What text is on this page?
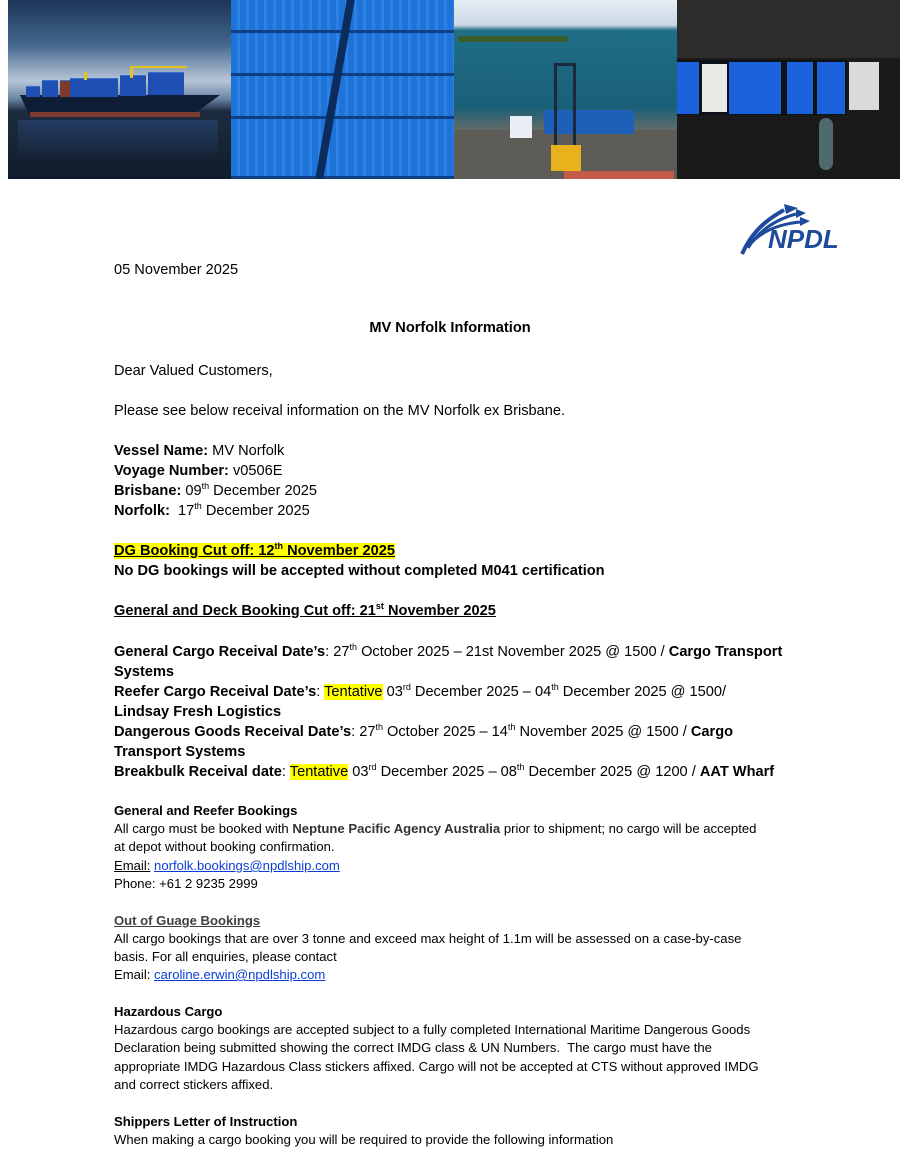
NPDL
05 November 2025
MV Norfolk Information
Dear Valued Customers,
Please see below receival information on the MV Norfolk ex Brisbane.
Vessel Name: MV Norfolk
Voyage Number: v0506E
Brisbane: 09th December 2025
Norfolk:  17th December 2025
DG Booking Cut off: 12th November 2025
No DG bookings will be accepted without completed M041 certification
General and Deck Booking Cut off: 21st November 2025
General Cargo Receival Date’s: 27th October 2025 – 21st November 2025 @ 1500 / Cargo Transport
Systems
Reefer Cargo Receival Date’s: Tentative 03rd December 2025 – 04th December 2025 @ 1500/
Lindsay Fresh Logistics
Dangerous Goods Receival Date’s: 27th October 2025 – 14th November 2025 @ 1500 / Cargo
Transport Systems
Breakbulk Receival date: Tentative 03rd December 2025 – 08th December 2025 @ 1200 / AAT Wharf
General and Reefer Bookings
All cargo must be booked with Neptune Pacific Agency Australia prior to shipment; no cargo will be accepted
at depot without booking confirmation.
Email: norfolk.bookings@npdlship.com
Phone: +61 2 9235 2999
Out of Guage Bookings
All cargo bookings that are over 3 tonne and exceed max height of 1.1m will be assessed on a case-by-case
basis. For all enquiries, please contact
Email: caroline.erwin@npdlship.com
Hazardous Cargo
Hazardous cargo bookings are accepted subject to a fully completed International Maritime Dangerous Goods
Declaration being submitted showing the correct IMDG class & UN Numbers.  The cargo must have the
appropriate IMDG Hazardous Class stickers affixed. Cargo will not be accepted at CTS without approved IMDG
and correct stickers affixed.
Shippers Letter of Instruction
When making a cargo booking you will be required to provide the following information
